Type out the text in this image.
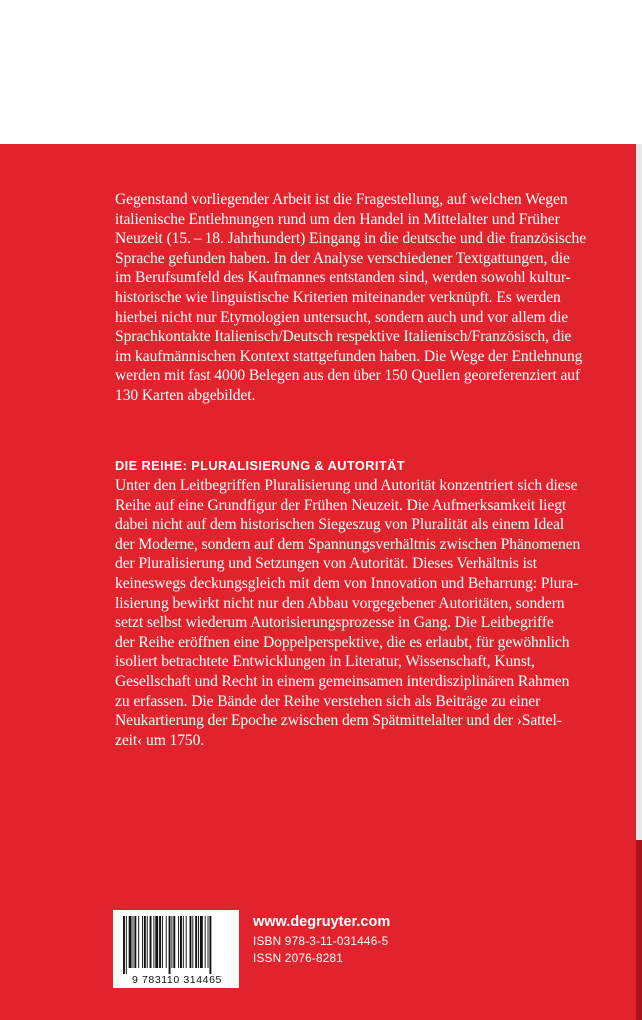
Gegenstand vorliegender Arbeit ist die Fragestellung, auf welchen Wegen
italienische Entlehnungen rund um den Handel in Mittelalter und Früher
Neuzeit (15. – 18. Jahrhundert) Eingang in die deutsche und die französische
Sprache gefunden haben. In der Analyse verschiedener Textgattungen, die
im Berufsumfeld des Kaufmannes entstanden sind, werden sowohl kultur-
historische wie linguistische Kriterien miteinander verknüpft. Es werden
hierbei nicht nur Etymologien untersucht, sondern auch und vor allem die
Sprachkontakte Italienisch/Deutsch respektive Italienisch/Französisch, die
im kaufmännischen Kontext stattgefunden haben. Die Wege der Entlehnung
werden mit fast 4000 Belegen aus den über 150 Quellen georeferenziert auf
130 Karten abgebildet.

DIE REIHE: PLURALISIERUNG & AUTORITÄT

Unter den Leitbegriffen Pluralisierung und Autorität konzentriert sich diese
Reihe auf eine Grundfigur der Frühen Neuzeit. Die Aufmerksamkeit liegt
dabei nicht auf dem historischen Siegeszug von Pluralität als einem Ideal
der Moderne, sondern auf dem Spannungsverhältnis zwischen Phänomenen
der Pluralisierung und Setzungen von Autorität. Dieses Verhältnis ist
keineswegs deckungsgleich mit dem von Innovation und Beharrung: Plura-
lisierung bewirkt nicht nur den Abbau vorgegebener Autoritäten, sondern
setzt selbst wiederum Autorisierungsprozesse in Gang. Die Leitbegriffe
der Reihe eröffnen eine Doppelperspektive, die es erlaubt, für gewöhnlich
isoliert betrachtete Entwicklungen in Literatur, Wissenschaft, Kunst,
Gesellschaft und Recht in einem gemeinsamen interdisziplinären Rahmen
zu erfassen. Die Bände der Reihe verstehen sich als Beiträge zu einer
Neukartierung der Epoche zwischen dem Spätmittelalter und der ›Sattel-
zeit‹ um 1750.

9 783110 314465

www.degruyter.com

ISBN 978-3-11-031446-5

ISSN 2076-8281
